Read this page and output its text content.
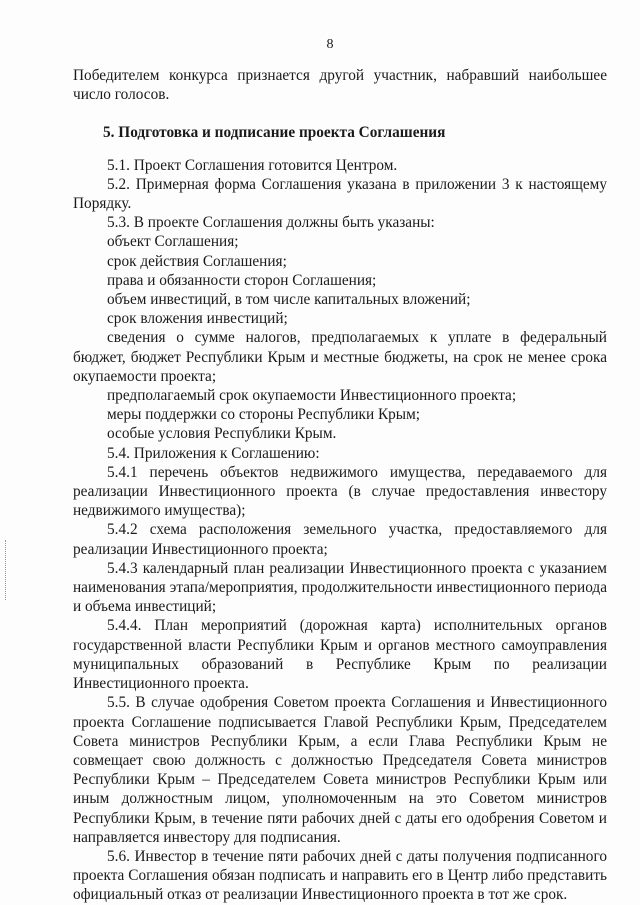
8

Победителем конкурса признается другой участник, набравший наибольшее число голосов.

5. Подготовка и подписание проекта Соглашения

5.1. Проект Соглашения готовится Центром.

5.2. Примерная форма Соглашения указана в приложении 3 к настоящему Порядку.

5.3. В проекте Соглашения должны быть указаны:

объект Соглашения;

срок действия Соглашения;

права и обязанности сторон Соглашения;

объем инвестиций, в том числе капитальных вложений;

срок вложения инвестиций;

сведения о сумме налогов, предполагаемых к уплате в федеральный бюджет, бюджет Республики Крым и местные бюджеты, на срок не менее срока окупаемости проекта;

предполагаемый срок окупаемости Инвестиционного проекта;

меры поддержки со стороны Республики Крым;

особые условия Республики Крым.

5.4. Приложения к Соглашению:

5.4.1 перечень объектов недвижимого имущества, передаваемого для реализации Инвестиционного проекта (в случае предоставления инвестору недвижимого имущества);

5.4.2 схема расположения земельного участка, предоставляемого для реализации Инвестиционного проекта;

5.4.3 календарный план реализации Инвестиционного проекта с указанием наименования этапа/мероприятия, продолжительности инвестиционного периода и объема инвестиций;

5.4.4. План мероприятий (дорожная карта) исполнительных органов государственной власти Республики Крым и органов местного самоуправления муниципальных образований в Республике Крым по реализации Инвестиционного проекта.

5.5. В случае одобрения Советом проекта Соглашения и Инвестиционного проекта Соглашение подписывается Главой Республики Крым, Председателем Совета министров Республики Крым, а если Глава Республики Крым не совмещает свою должность с должностью Председателя Совета министров Республики Крым – Председателем Совета министров Республики Крым или иным должностным лицом, уполномоченным на это Советом министров Республики Крым, в течение пяти рабочих дней с даты его одобрения Советом и направляется инвестору для подписания.

5.6. Инвестор в течение пяти рабочих дней с даты получения подписанного проекта Соглашения обязан подписать и направить его в Центр либо представить официальный отказ от реализации Инвестиционного проекта в тот же срок.
